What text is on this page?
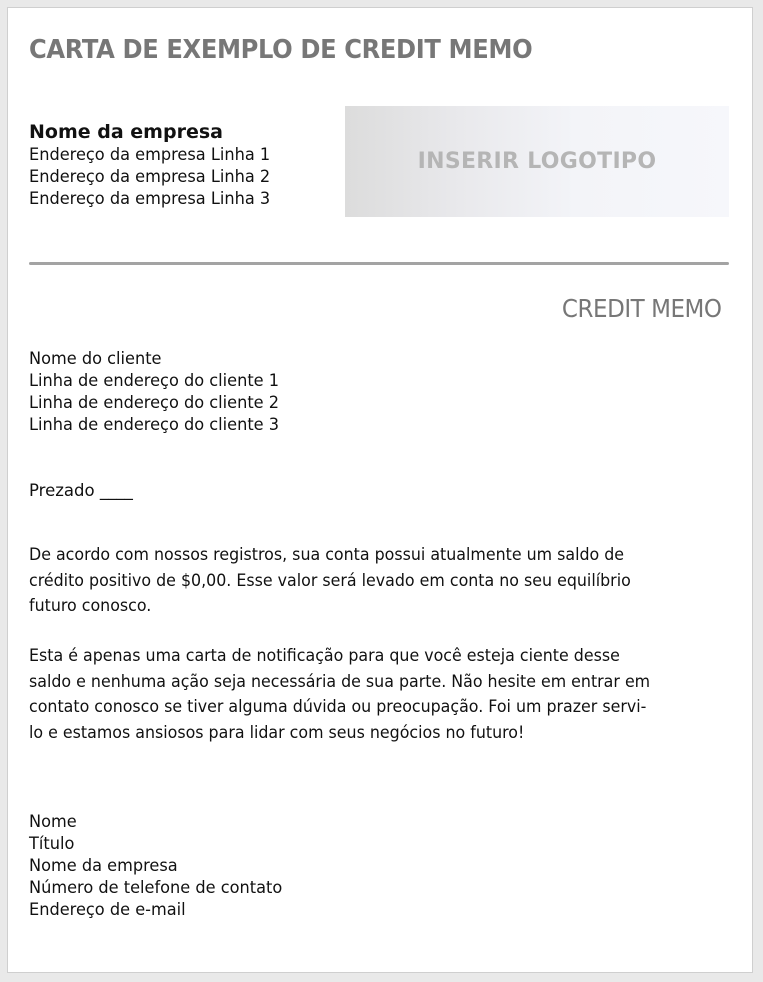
CARTA DE EXEMPLO DE CREDIT MEMO
Nome da empresa
Endereço da empresa Linha 1
Endereço da empresa Linha 2
Endereço da empresa Linha 3
INSERIR LOGOTIPO
CREDIT MEMO
Nome do cliente
Linha de endereço do cliente 1
Linha de endereço do cliente 2
Linha de endereço do cliente 3
Prezado ____
De acordo com nossos registros, sua conta possui atualmente um saldo de
crédito positivo de $0,00. Esse valor será levado em conta no seu equilíbrio
futuro conosco.
Esta é apenas uma carta de notificação para que você esteja ciente desse
saldo e nenhuma ação seja necessária de sua parte. Não hesite em entrar em
contato conosco se tiver alguma dúvida ou preocupação. Foi um prazer servi-
lo e estamos ansiosos para lidar com seus negócios no futuro!
Nome
Título
Nome da empresa
Número de telefone de contato
Endereço de e-mail
